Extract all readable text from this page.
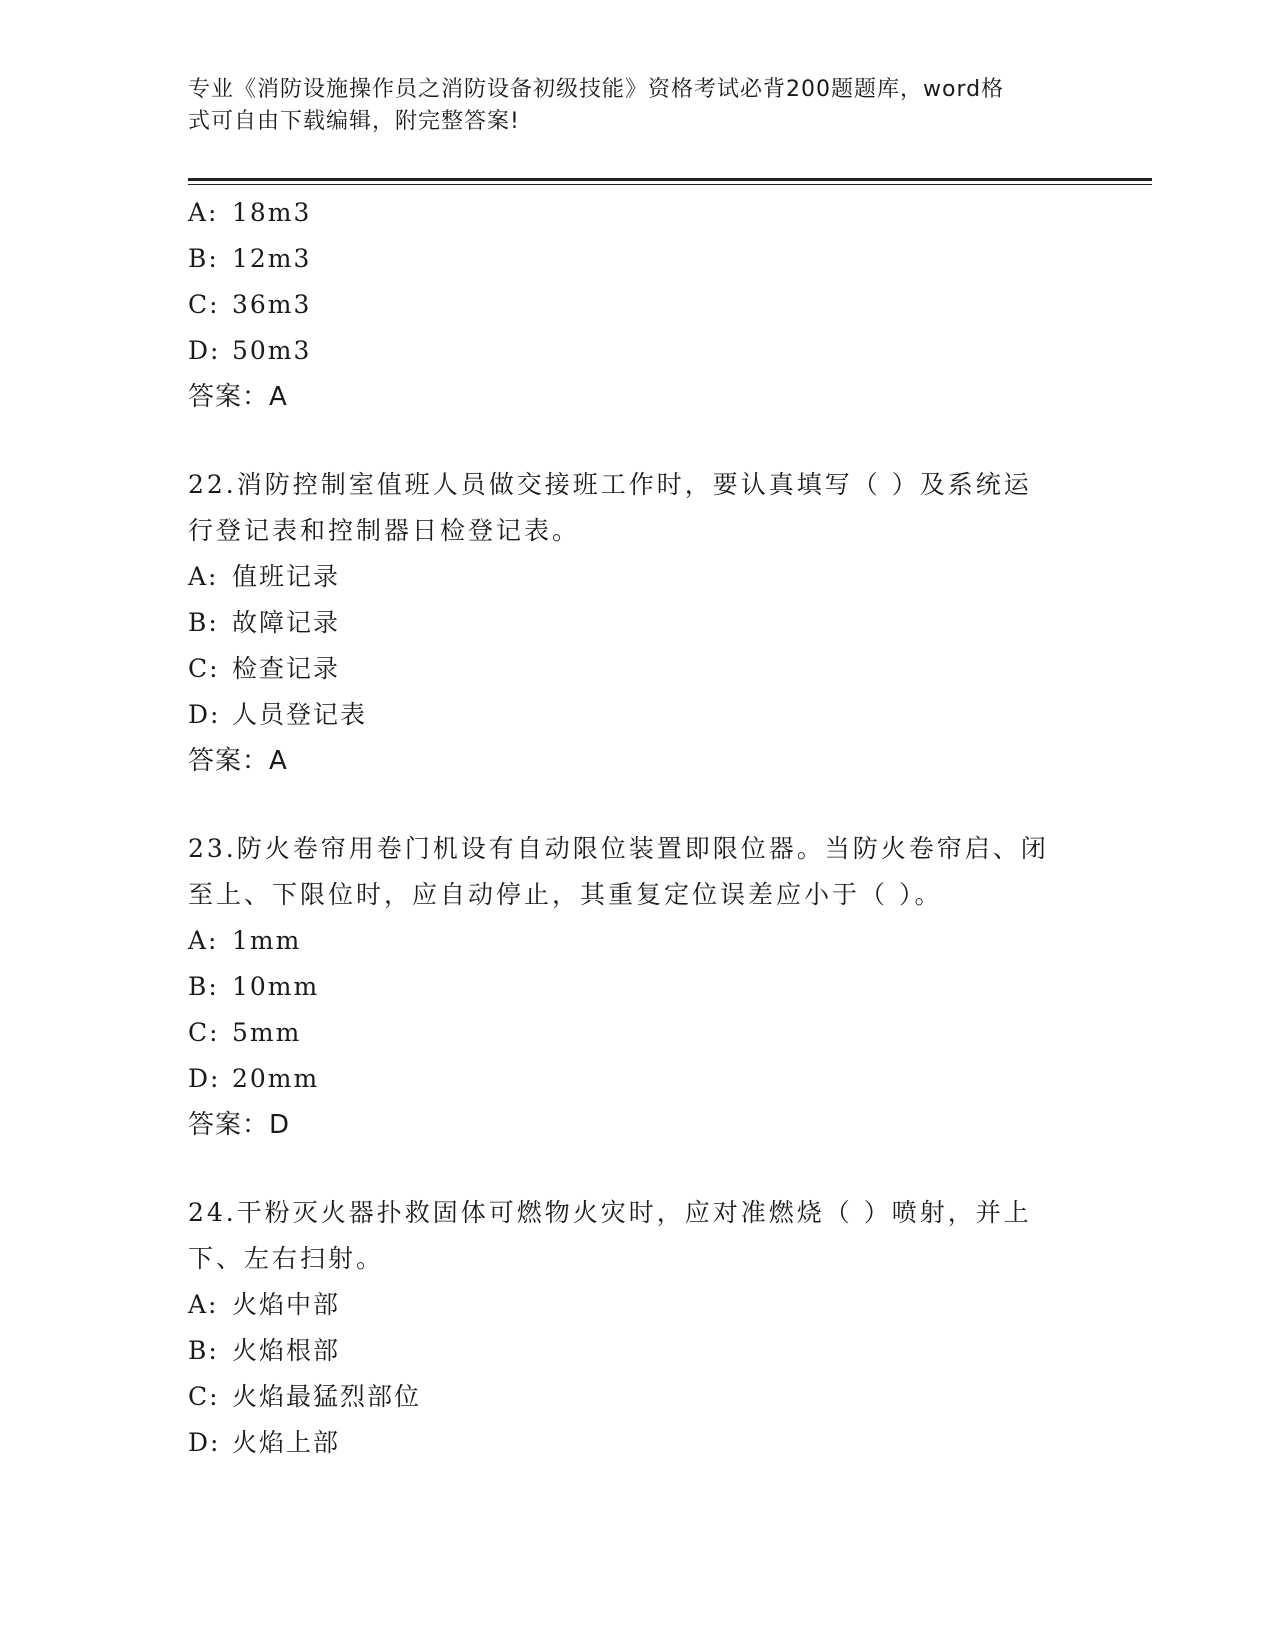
专业《消防设施操作员之消防设备初级技能》资格考试必背200题题库，word格
式可自由下载编辑，附完整答案!
A: 18m3
B: 12m3
C: 36m3
D: 50m3
答案：A
22.消防控制室值班人员做交接班工作时，要认真填写（ ）及系统运
行登记表和控制器日检登记表。
A: 值班记录
B: 故障记录
C: 检查记录
D: 人员登记表
答案：A
23.防火卷帘用卷门机设有自动限位装置即限位器。当防火卷帘启、闭
至上、下限位时，应自动停止，其重复定位误差应小于（ ）。
A: 1mm
B: 10mm
C: 5mm
D: 20mm
答案：D
24.干粉灭火器扑救固体可燃物火灾时，应对准燃烧（ ）喷射，并上
下、左右扫射。
A: 火焰中部
B: 火焰根部
C: 火焰最猛烈部位
D: 火焰上部
